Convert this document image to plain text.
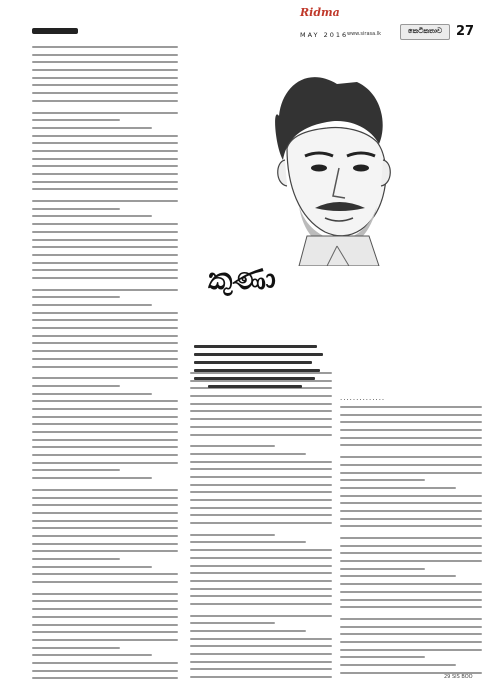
Ridma
MAY 2016
www.sirasa.lk	කෙටිකතාව	27
කුණා
..............
29 SIS BOO
